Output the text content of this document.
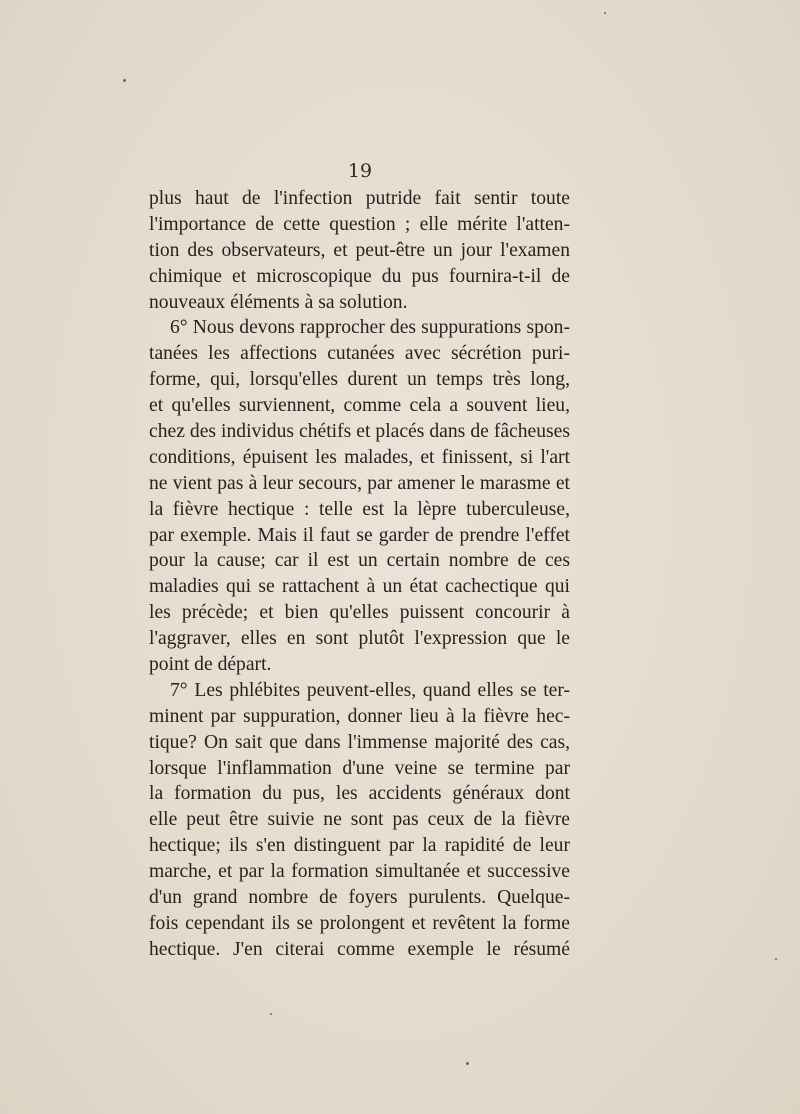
19
plus haut de l'infection putride fait sentir toute
l'importance de cette question ; elle mérite l'atten-
tion des observateurs, et peut-être un jour l'examen
chimique et microscopique du pus fournira-t-il de
nouveaux éléments à sa solution.
6° Nous devons rapprocher des suppurations spon-
tanées les affections cutanées avec sécrétion puri-
forme, qui, lorsqu'elles durent un temps très long,
et qu'elles surviennent, comme cela a souvent lieu,
chez des individus chétifs et placés dans de fâcheuses
conditions, épuisent les malades, et finissent, si l'art
ne vient pas à leur secours, par amener le marasme et
la fièvre hectique : telle est la lèpre tuberculeuse,
par exemple. Mais il faut se garder de prendre l'effet
pour la cause; car il est un certain nombre de ces
maladies qui se rattachent à un état cachectique qui
les précède; et bien qu'elles puissent concourir à
l'aggraver, elles en sont plutôt l'expression que le
point de départ.
7° Les phlébites peuvent-elles, quand elles se ter-
minent par suppuration, donner lieu à la fièvre hec-
tique? On sait que dans l'immense majorité des cas,
lorsque l'inflammation d'une veine se termine par
la formation du pus, les accidents généraux dont
elle peut être suivie ne sont pas ceux de la fièvre
hectique; ils s'en distinguent par la rapidité de leur
marche, et par la formation simultanée et successive
d'un grand nombre de foyers purulents. Quelque-
fois cependant ils se prolongent et revêtent la forme
hectique. J'en citerai comme exemple le résumé
